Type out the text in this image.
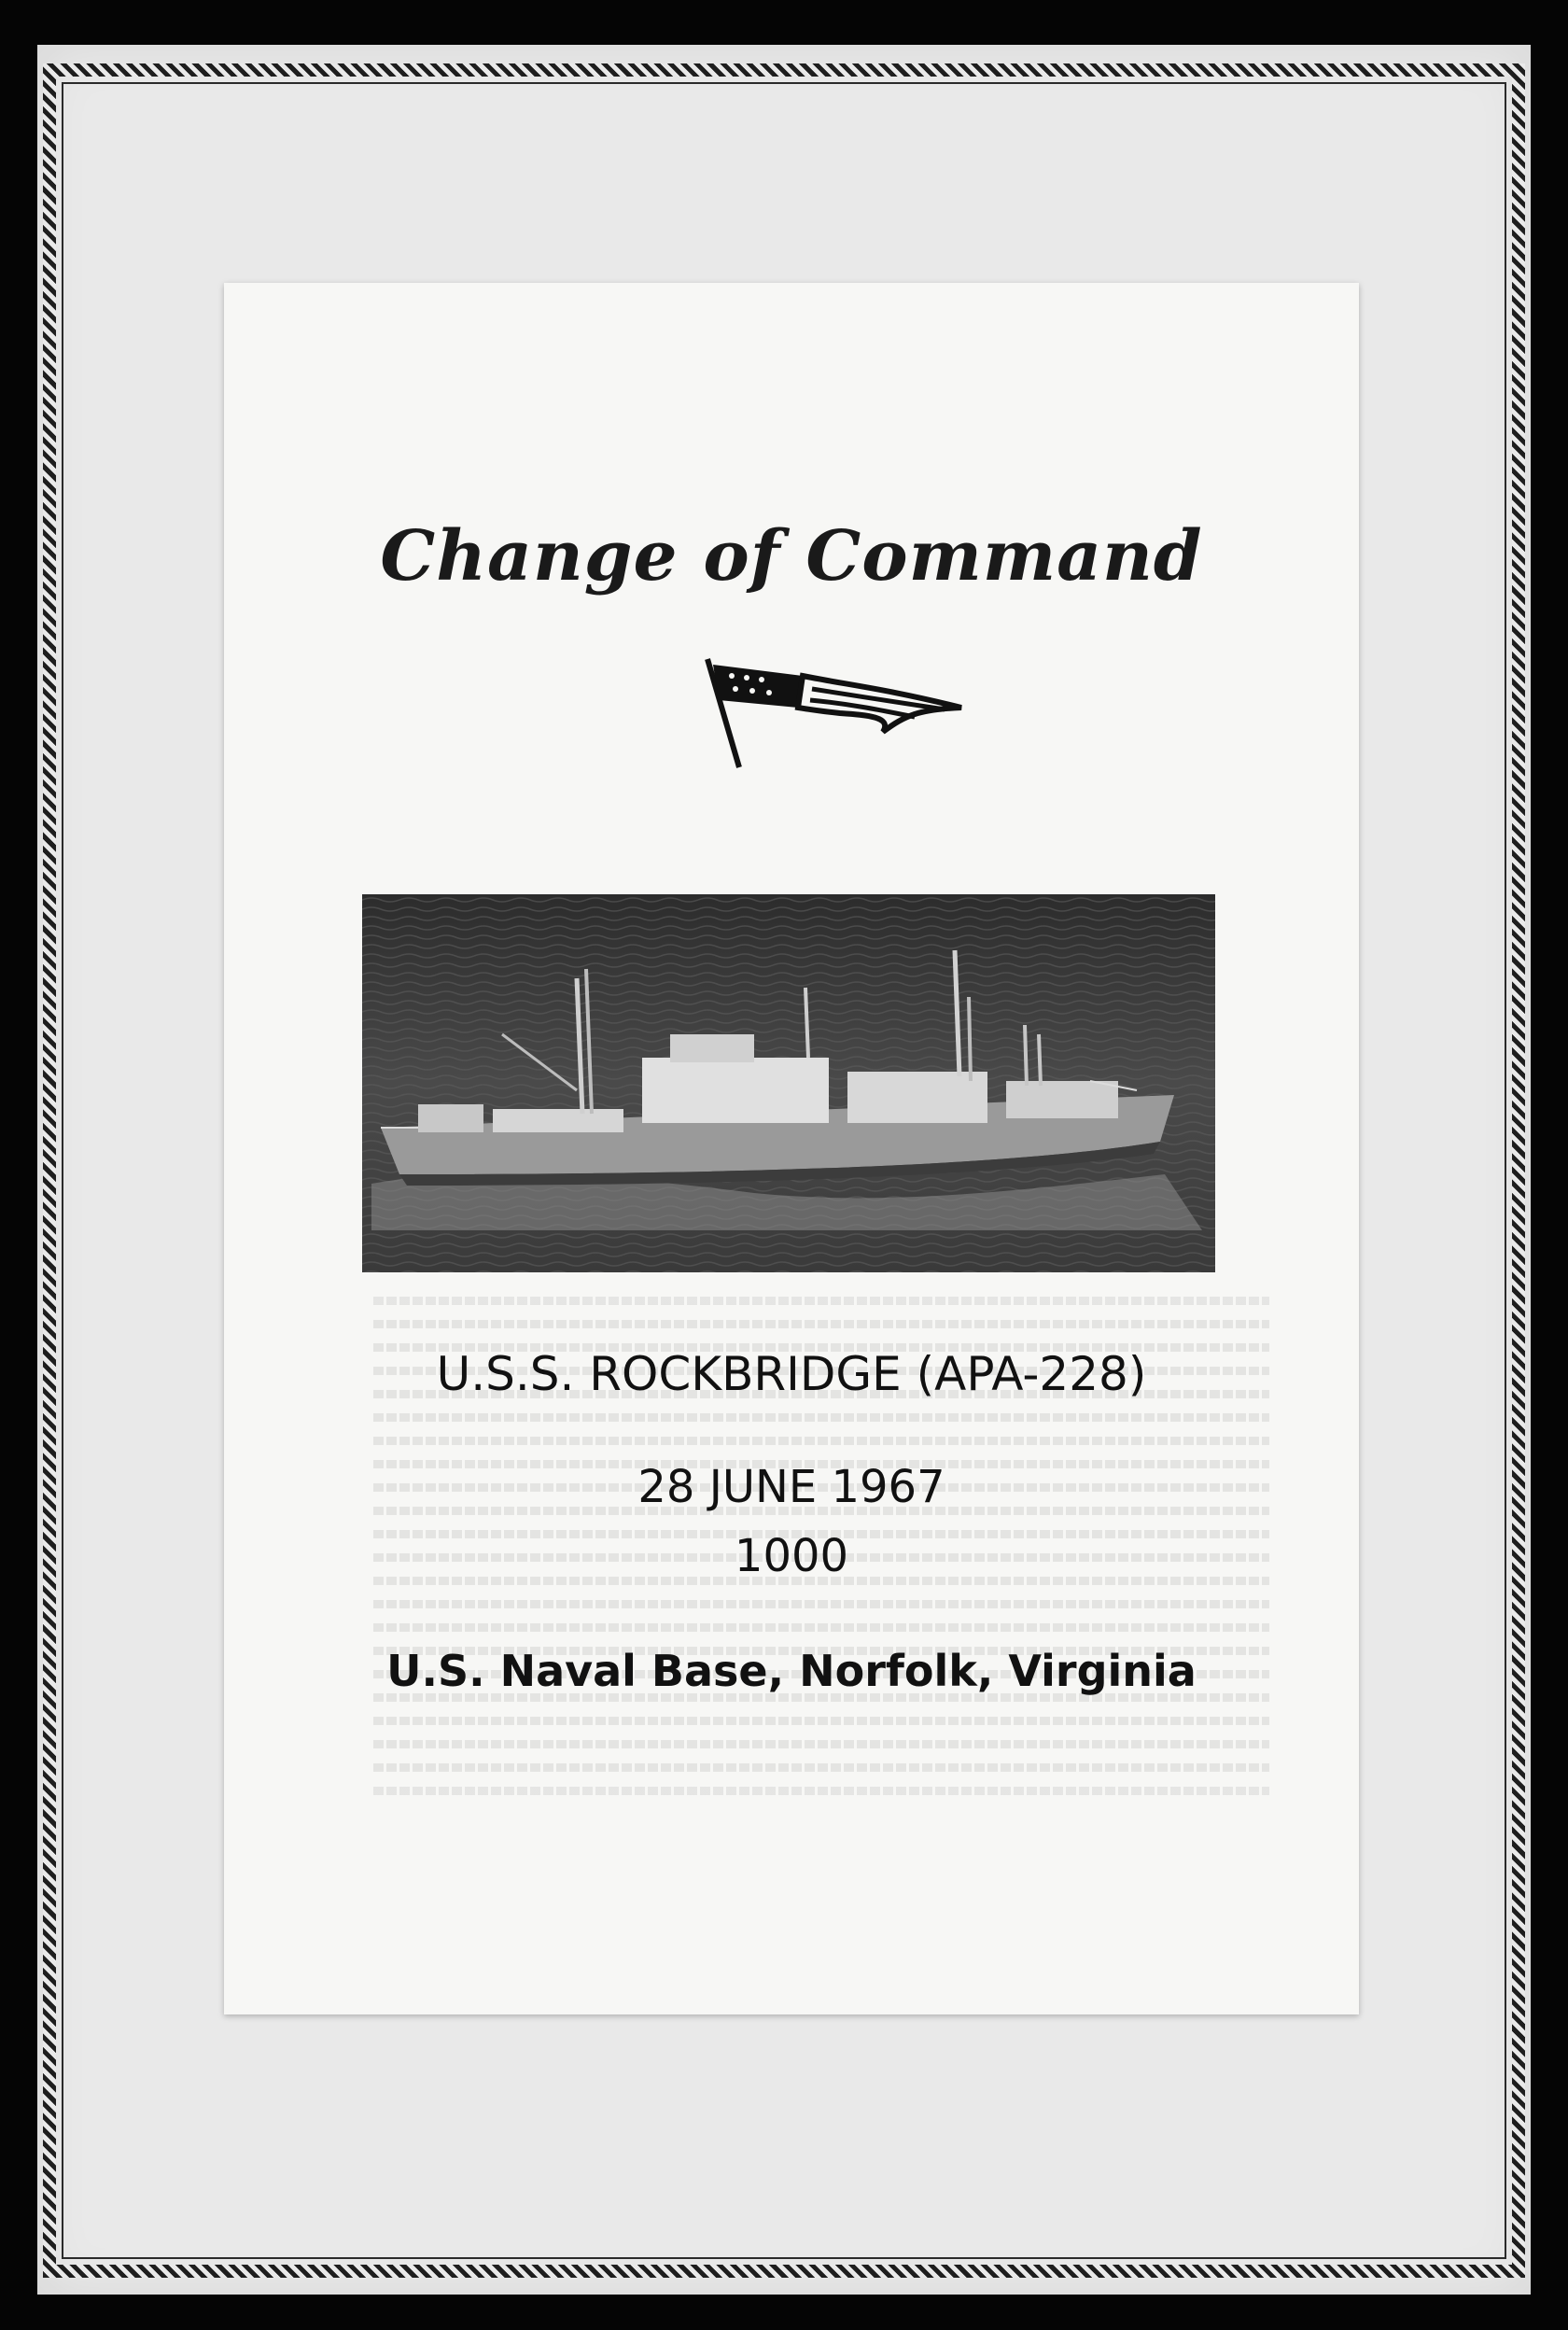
Change of Command

U.S.S. ROCKBRIDGE (APA-228)

28 JUNE 1967

1000

U.S. Naval Base, Norfolk, Virginia
